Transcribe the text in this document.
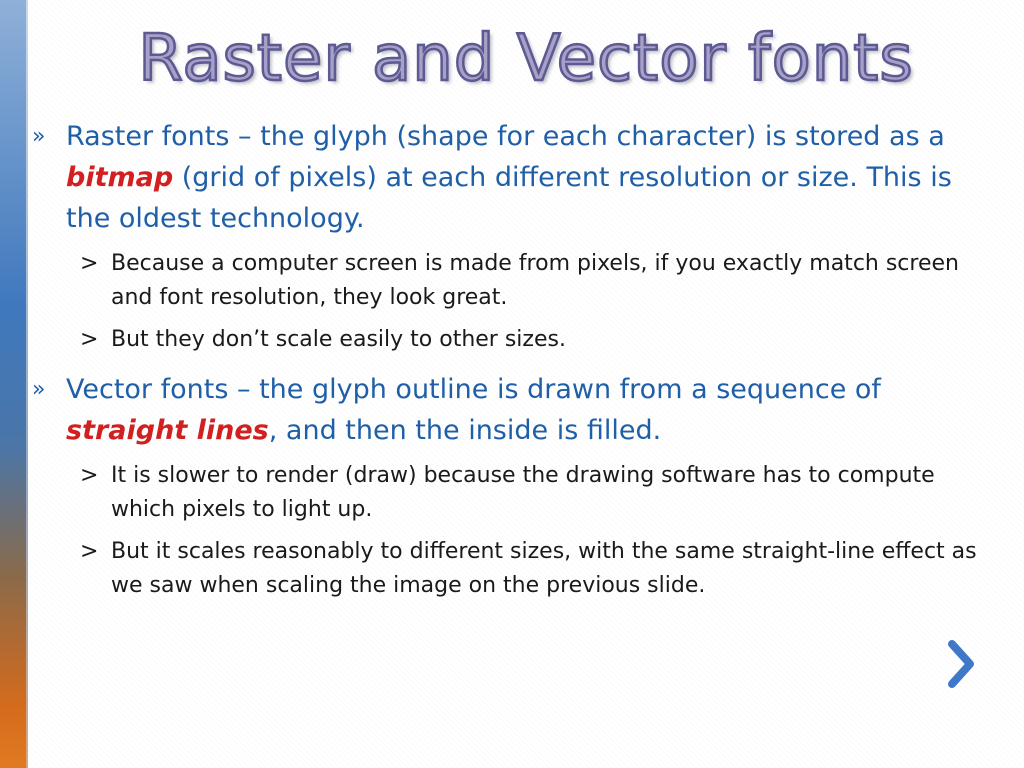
Raster and Vector fonts
» Raster fonts – the glyph (shape for each character) is stored as a bitmap (grid of pixels) at each different resolution or size. This is the oldest technology.
> Because a computer screen is made from pixels, if you exactly match screen and font resolution, they look great.
> But they don’t scale easily to other sizes.
» Vector fonts – the glyph outline is drawn from a sequence of straight lines, and then the inside is filled.
> It is slower to render (draw) because the drawing software has to compute which pixels to light up.
> But it scales reasonably to different sizes, with the same straight-line effect as we saw when scaling the image on the previous slide.
